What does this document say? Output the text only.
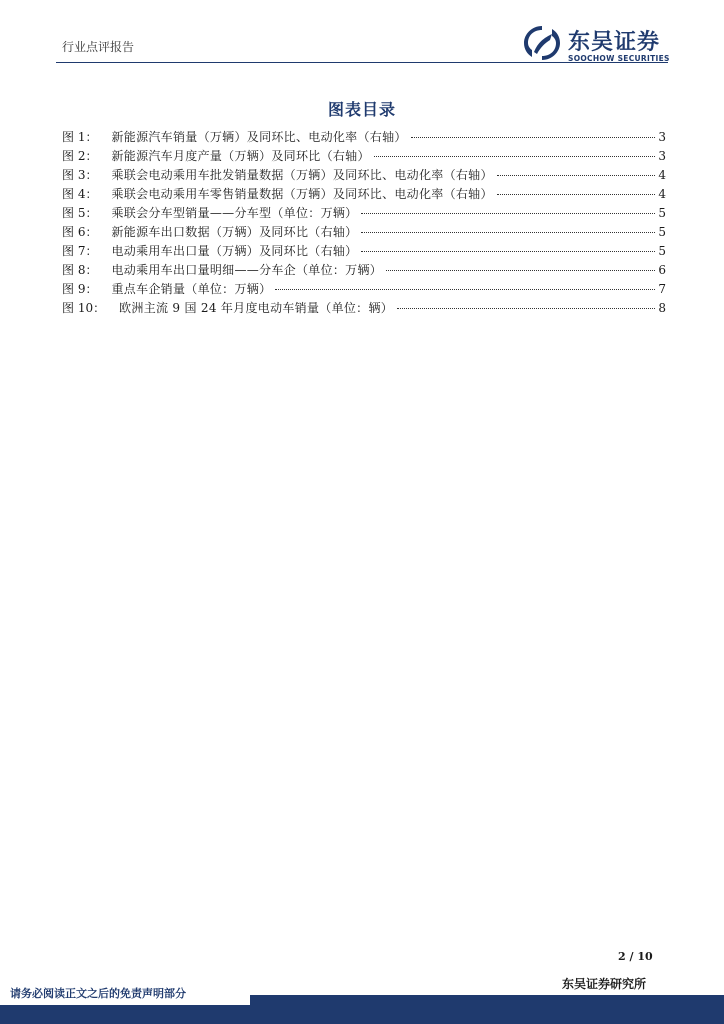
行业点评报告	东吴证券
SOOCHOW SECURITIES
图表目录
图 1 ：	新能源汽车销量（万辆）及同环比、电动化率（右轴）	3
图 2 ：	新能源汽车月度产量（万辆）及同环比（右轴）	3
图 3 ：	乘联会电动乘用车批发销量数据（万辆）及同环比、电动化率（右轴）	4
图 4 ：	乘联会电动乘用车零售销量数据（万辆）及同环比、电动化率（右轴）	4
图 5 ：	乘联会分车型销量——分车型（单位：万辆）	5
图 6 ：	新能源车出口数据（万辆）及同环比（右轴）	5
图 7 ：	电动乘用车出口量（万辆）及同环比（右轴）	5
图 8 ：	电动乘用车出口量明细——分车企（单位：万辆）	6
图 9 ：	重点车企销量（单位：万辆）	7
图 10 ：	欧洲主流 9 国 24 年月度电动车销量（单位：辆）	8
2 / 10
东吴证券研究所
请务必阅读正文之后的免责声明部分
